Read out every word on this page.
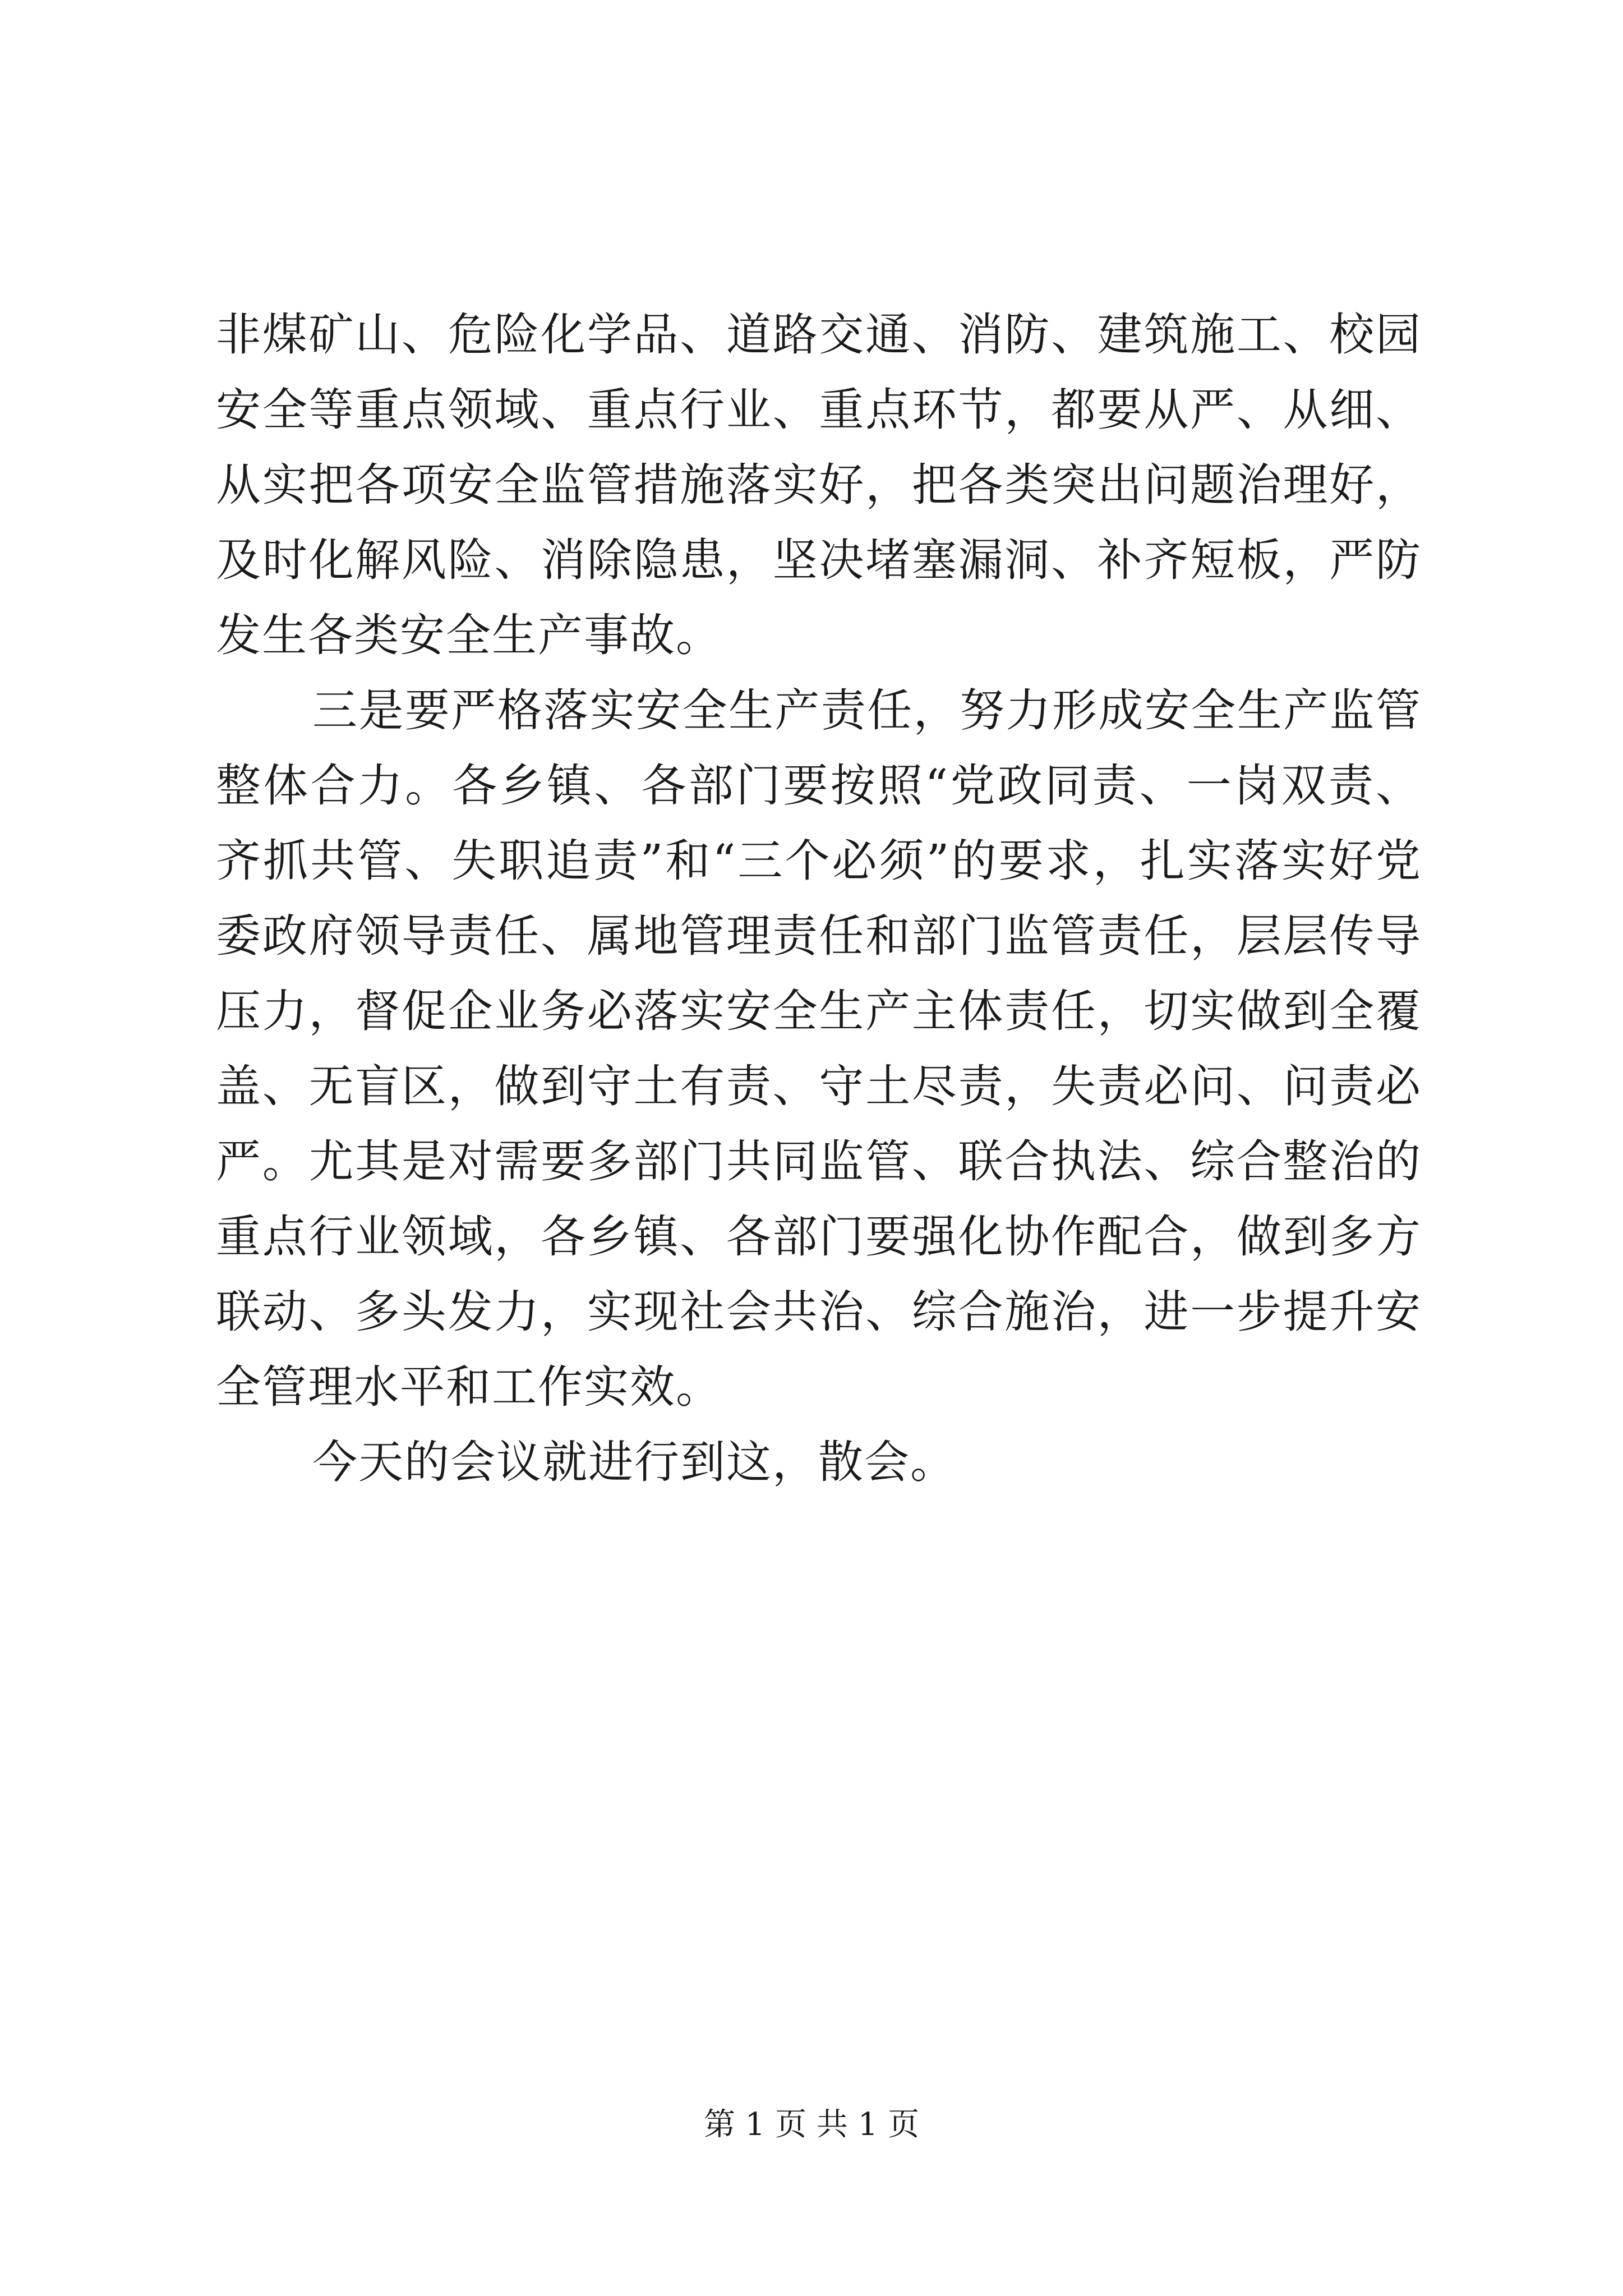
非煤矿山、危险化学品、道路交通、消防、建筑施工、校园安全等重点领域、重点行业、重点环节，都要从严、从细、从实把各项安全监管措施落实好，把各类突出问题治理好，及时化解风险、消除隐患，坚决堵塞漏洞、补齐短板，严防发生各类安全生产事故。

三是要严格落实安全生产责任，努力形成安全生产监管整体合力。各乡镇、各部门要按照“党政同责、一岗双责、齐抓共管、失职追责”和“三个必须”的要求，扎实落实好党委政府领导责任、属地管理责任和部门监管责任，层层传导压力，督促企业务必落实安全生产主体责任，切实做到全覆盖、无盲区，做到守土有责、守土尽责，失责必问、问责必严。尤其是对需要多部门共同监管、联合执法、综合整治的重点行业领域，各乡镇、各部门要强化协作配合，做到多方联动、多头发力，实现社会共治、综合施治，进一步提升安全管理水平和工作实效。

今天的会议就进行到这，散会。

第 1 页 共 1 页
